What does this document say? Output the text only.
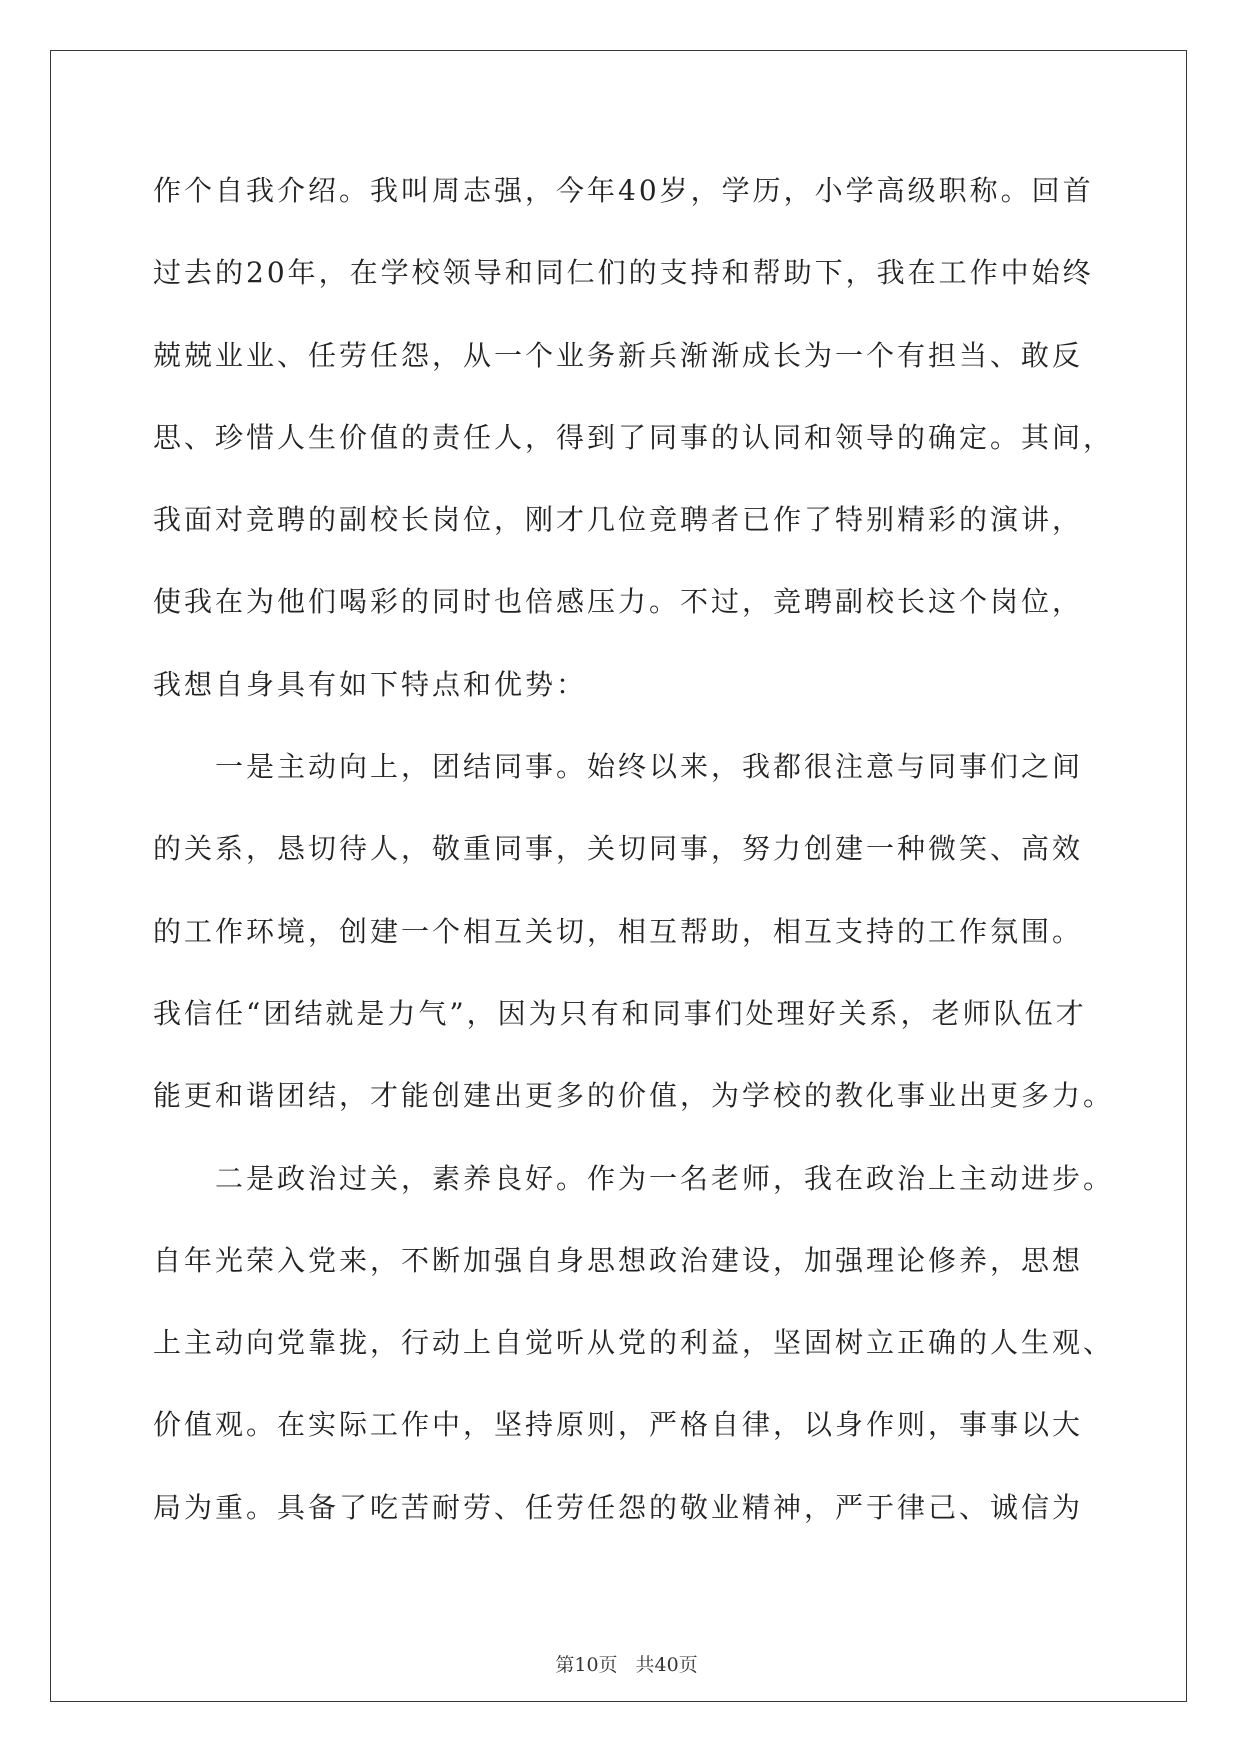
作个自我介绍。我叫周志强，今年40岁，学历，小学高级职称。回首
过去的20年，在学校领导和同仁们的支持和帮助下，我在工作中始终
兢兢业业、任劳任怨，从一个业务新兵渐渐成长为一个有担当、敢反
思、珍惜人生价值的责任人，得到了同事的认同和领导的确定。其间，
我面对竞聘的副校长岗位，刚才几位竞聘者已作了特别精彩的演讲，
使我在为他们喝彩的同时也倍感压力。不过，竞聘副校长这个岗位，
我想自身具有如下特点和优势：
一是主动向上，团结同事。始终以来，我都很注意与同事们之间
的关系，恳切待人，敬重同事，关切同事，努力创建一种微笑、高效
的工作环境，创建一个相互关切，相互帮助，相互支持的工作氛围。
我信任“团结就是力气”，因为只有和同事们处理好关系，老师队伍才
能更和谐团结，才能创建出更多的价值，为学校的教化事业出更多力。
二是政治过关，素养良好。作为一名老师，我在政治上主动进步。
自年光荣入党来，不断加强自身思想政治建设，加强理论修养，思想
上主动向党靠拢，行动上自觉听从党的利益，坚固树立正确的人生观、
价值观。在实际工作中，坚持原则，严格自律，以身作则，事事以大
局为重。具备了吃苦耐劳、任劳任怨的敬业精神，严于律己、诚信为

第10页 共40页
